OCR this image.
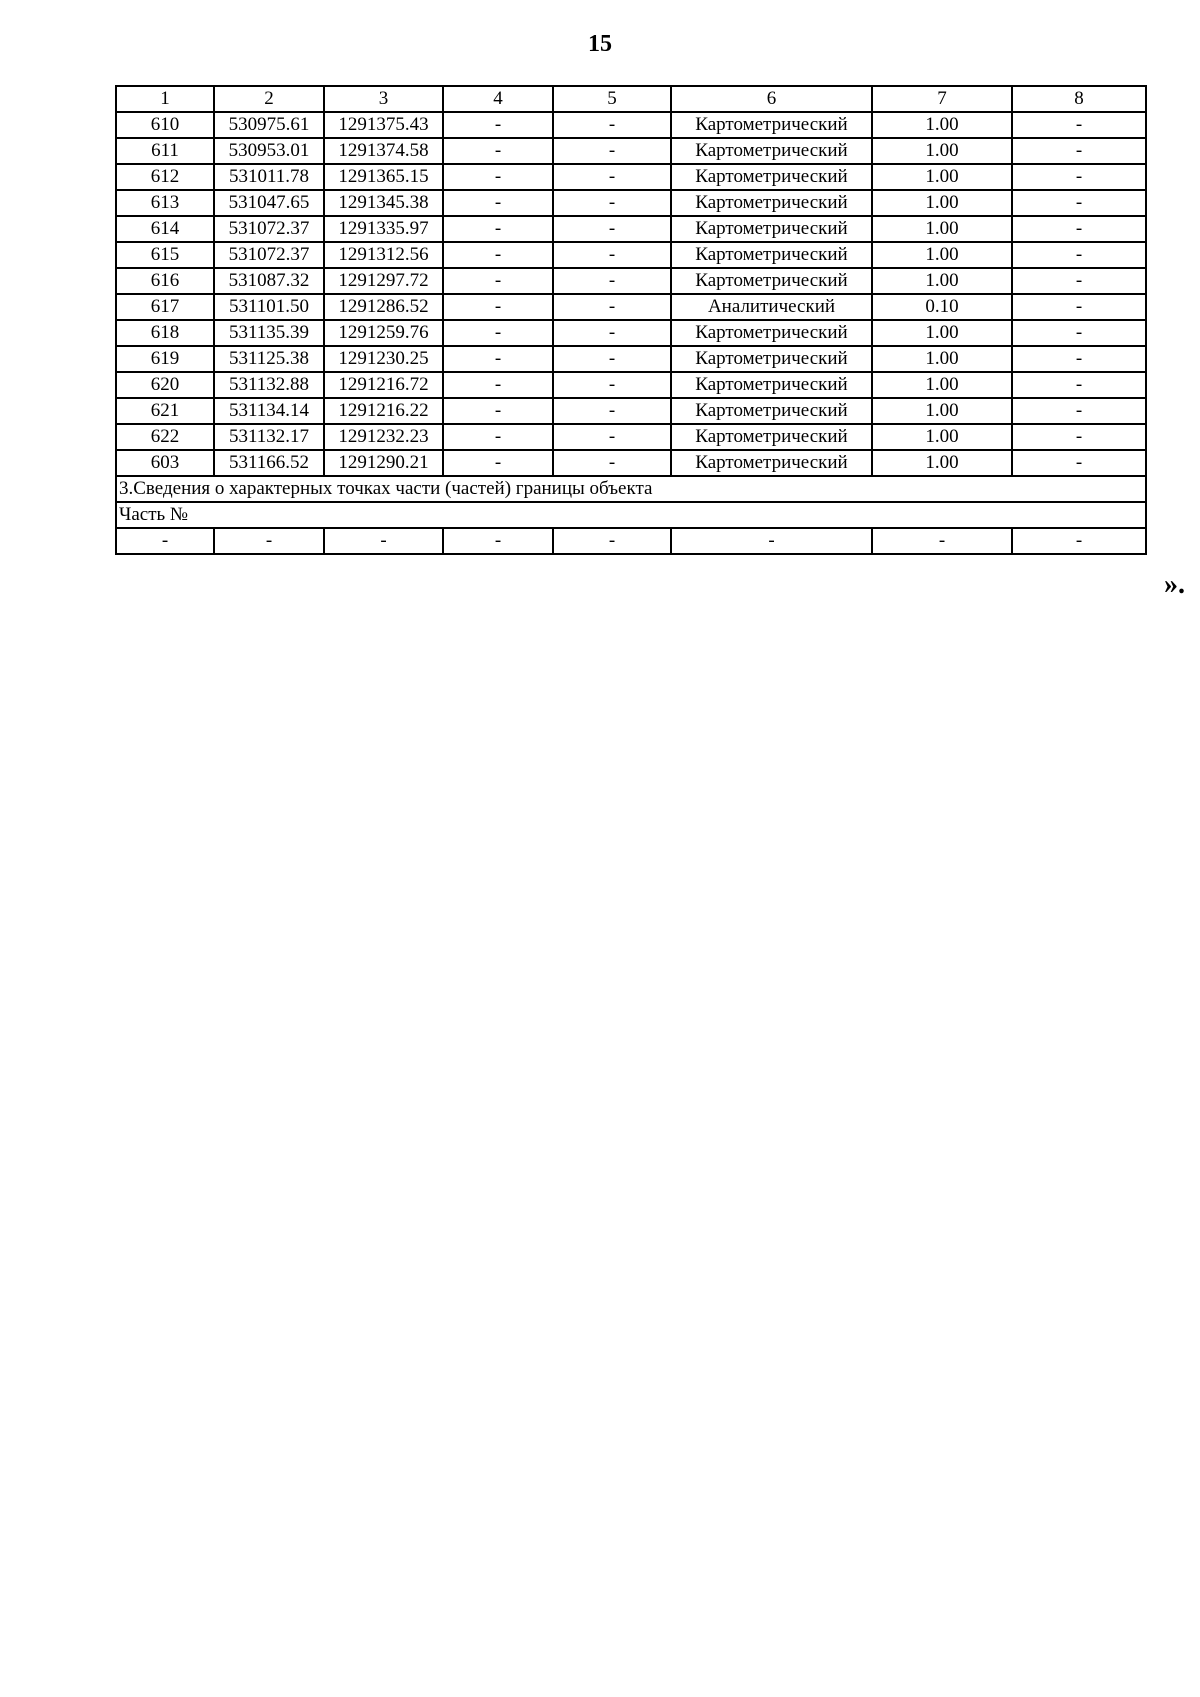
15
1	2	3	4	5	6	7	8
610	530975.61	1291375.43	-	-	Картометрический	1.00	-
611	530953.01	1291374.58	-	-	Картометрический	1.00	-
612	531011.78	1291365.15	-	-	Картометрический	1.00	-
613	531047.65	1291345.38	-	-	Картометрический	1.00	-
614	531072.37	1291335.97	-	-	Картометрический	1.00	-
615	531072.37	1291312.56	-	-	Картометрический	1.00	-
616	531087.32	1291297.72	-	-	Картометрический	1.00	-
617	531101.50	1291286.52	-	-	Аналитический	0.10	-
618	531135.39	1291259.76	-	-	Картометрический	1.00	-
619	531125.38	1291230.25	-	-	Картометрический	1.00	-
620	531132.88	1291216.72	-	-	Картометрический	1.00	-
621	531134.14	1291216.22	-	-	Картометрический	1.00	-
622	531132.17	1291232.23	-	-	Картометрический	1.00	-
603	531166.52	1291290.21	-	-	Картометрический	1.00	-
3.Сведения о характерных точках части (частей) границы объекта							
Часть №							
-	-	-	-	-	-	-	-
».
